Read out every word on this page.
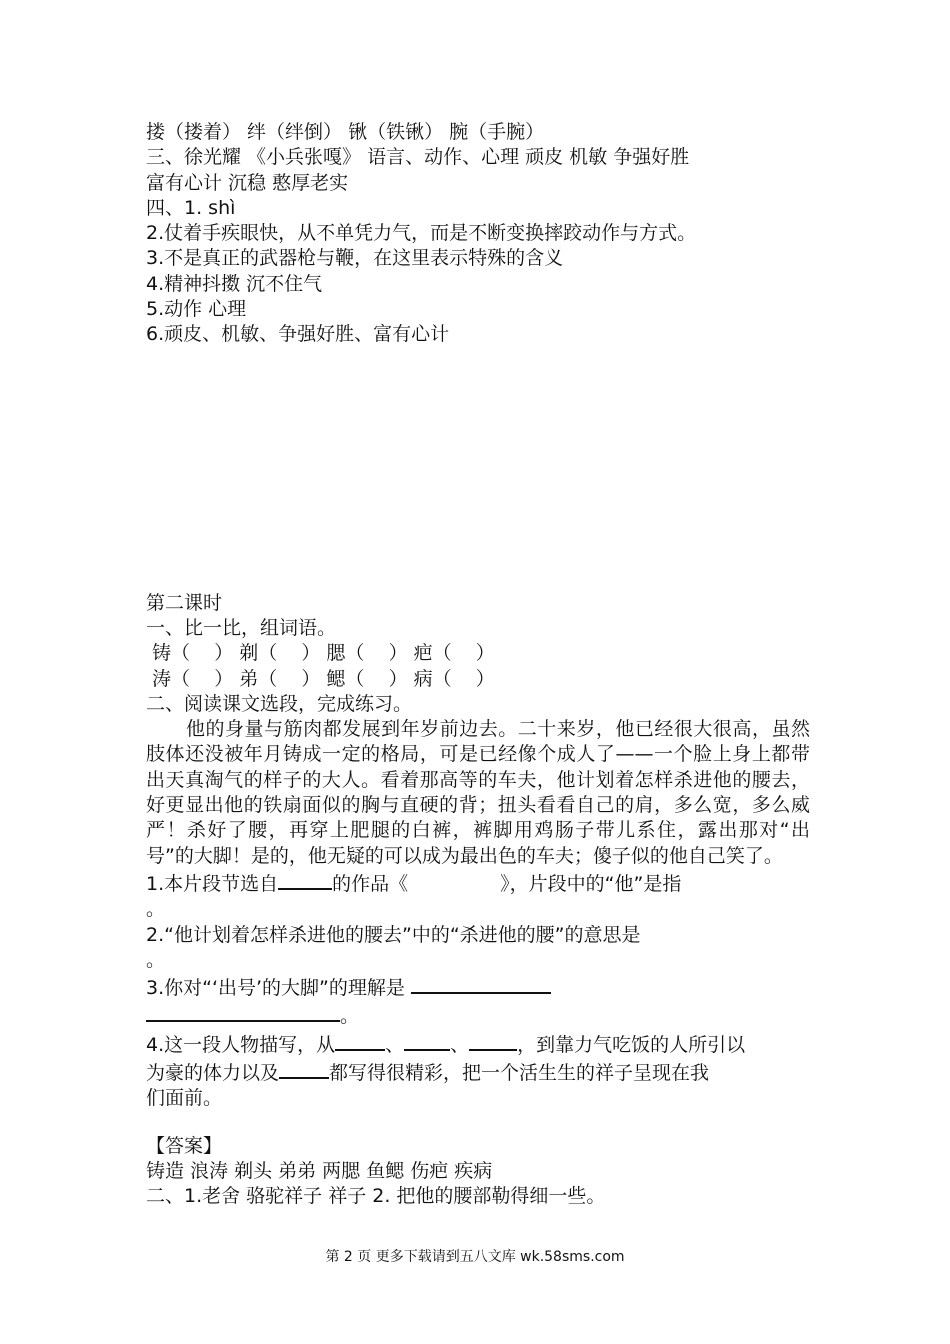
搂（搂着） 绊（绊倒） 锹（铁锹） 腕（手腕）
三、徐光耀 《小兵张嘎》 语言、动作、心理 顽皮 机敏 争强好胜
富有心计 沉稳 憨厚老实
四、1. shì
2.仗着手疾眼快，从不单凭力气，而是不断变换摔跤动作与方式。
3.不是真正的武器枪与鞭，在这里表示特殊的含义
4.精神抖擞 沉不住气
5.动作 心理
6.顽皮、机敏、争强好胜、富有心计
第二课时
一、比一比，组词语。
铸（    ） 剃（    ） 腮（    ） 疤（    ）
涛（    ） 弟（    ） 鳃（    ） 病（    ）
二、阅读课文选段，完成练习。
他的身量与筋肉都发展到年岁前边去。二十来岁，他已经很大很高，虽然肢体还没被年月铸成一定的格局，可是已经像个成人了——一个脸上身上都带出天真淘气的样子的大人。看着那高等的车夫，他计划着怎样杀进他的腰去，好更显出他的铁扇面似的胸与直硬的背；扭头看看自己的肩，多么宽，多么威严！杀好了腰，再穿上肥腿的白裤，裤脚用鸡肠子带儿系住，露出那对“出号”的大脚！是的，他无疑的可以成为最出色的车夫；傻子似的他自己笑了。
1.本片段节选自	的作品《	》，片段中的“他”是指
。
2.“他计划着怎样杀进他的腰去”中的“杀进他的腰”的意思是
。
3.你对“‘出号’的大脚”的理解是
。
4.这一段人物描写，从	、 、	，到靠力气吃饭的人所引以
为豪的体力以及	都写得很精彩，把一个活生生的祥子呈现在我
们面前。
【答案】
铸造 浪涛 剃头 弟弟 两腮 鱼鳃 伤疤 疾病
二、1.老舍 骆驼祥子 祥子 2. 把他的腰部勒得细一些。
第 2 页 更多下载请到五八文库 wk.58sms.com
